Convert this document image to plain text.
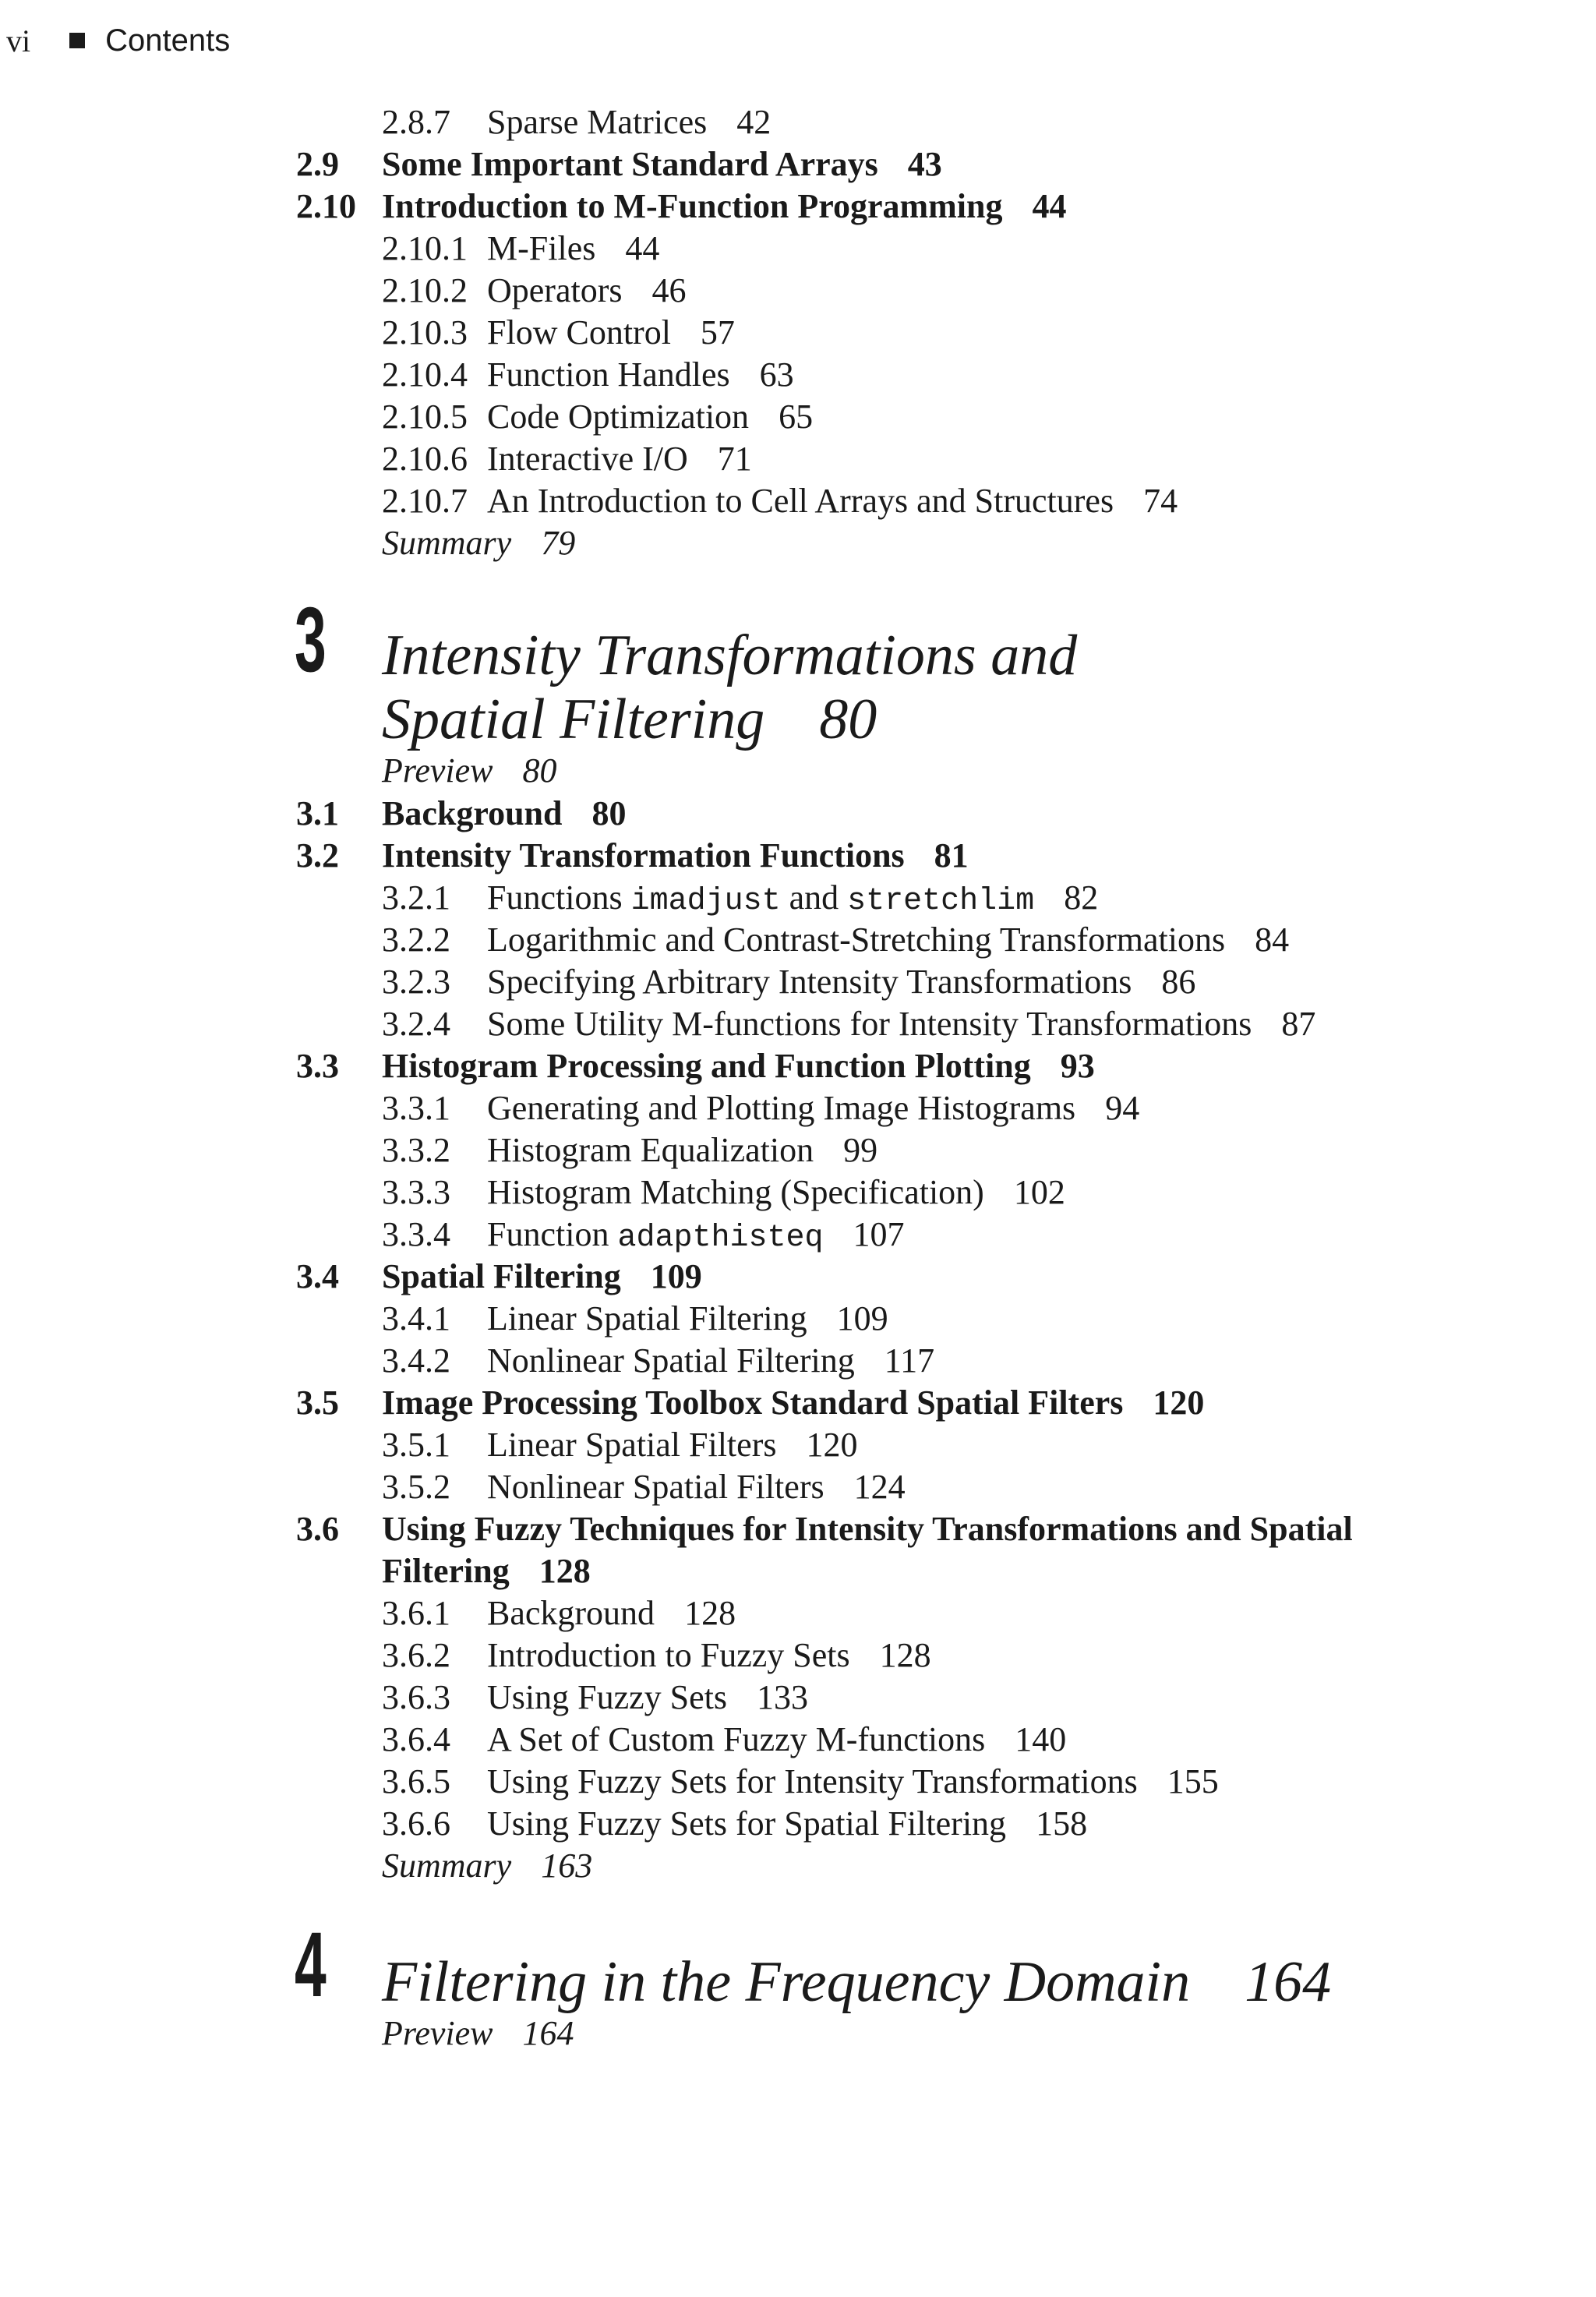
vi Contents
2.8.7 Sparse Matrices 42
2.9 Some Important Standard Arrays 43
2.10 Introduction to M-Function Programming 44
2.10.1 M-Files 44
2.10.2 Operators 46
2.10.3 Flow Control 57
2.10.4 Function Handles 63
2.10.5 Code Optimization 65
2.10.6 Interactive I/O 71
2.10.7 An Introduction to Cell Arrays and Structures 74
Summary 79
3 Intensity Transformations and
Spatial Filtering 80
Preview 80
3.1 Background 80
3.2 Intensity Transformation Functions 81
3.2.1 Functions imadjust and stretchlim 82
3.2.2 Logarithmic and Contrast-Stretching Transformations 84
3.2.3 Specifying Arbitrary Intensity Transformations 86
3.2.4 Some Utility M-functions for Intensity Transformations 87
3.3 Histogram Processing and Function Plotting 93
3.3.1 Generating and Plotting Image Histograms 94
3.3.2 Histogram Equalization 99
3.3.3 Histogram Matching (Specification) 102
3.3.4 Function adapthisteq 107
3.4 Spatial Filtering 109
3.4.1 Linear Spatial Filtering 109
3.4.2 Nonlinear Spatial Filtering 117
3.5 Image Processing Toolbox Standard Spatial Filters 120
3.5.1 Linear Spatial Filters 120
3.5.2 Nonlinear Spatial Filters 124
3.6 Using Fuzzy Techniques for Intensity Transformations and Spatial
Filtering 128
3.6.1 Background 128
3.6.2 Introduction to Fuzzy Sets 128
3.6.3 Using Fuzzy Sets 133
3.6.4 A Set of Custom Fuzzy M-functions 140
3.6.5 Using Fuzzy Sets for Intensity Transformations 155
3.6.6 Using Fuzzy Sets for Spatial Filtering 158
Summary 163
4 Filtering in the Frequency Domain 164
Preview 164
